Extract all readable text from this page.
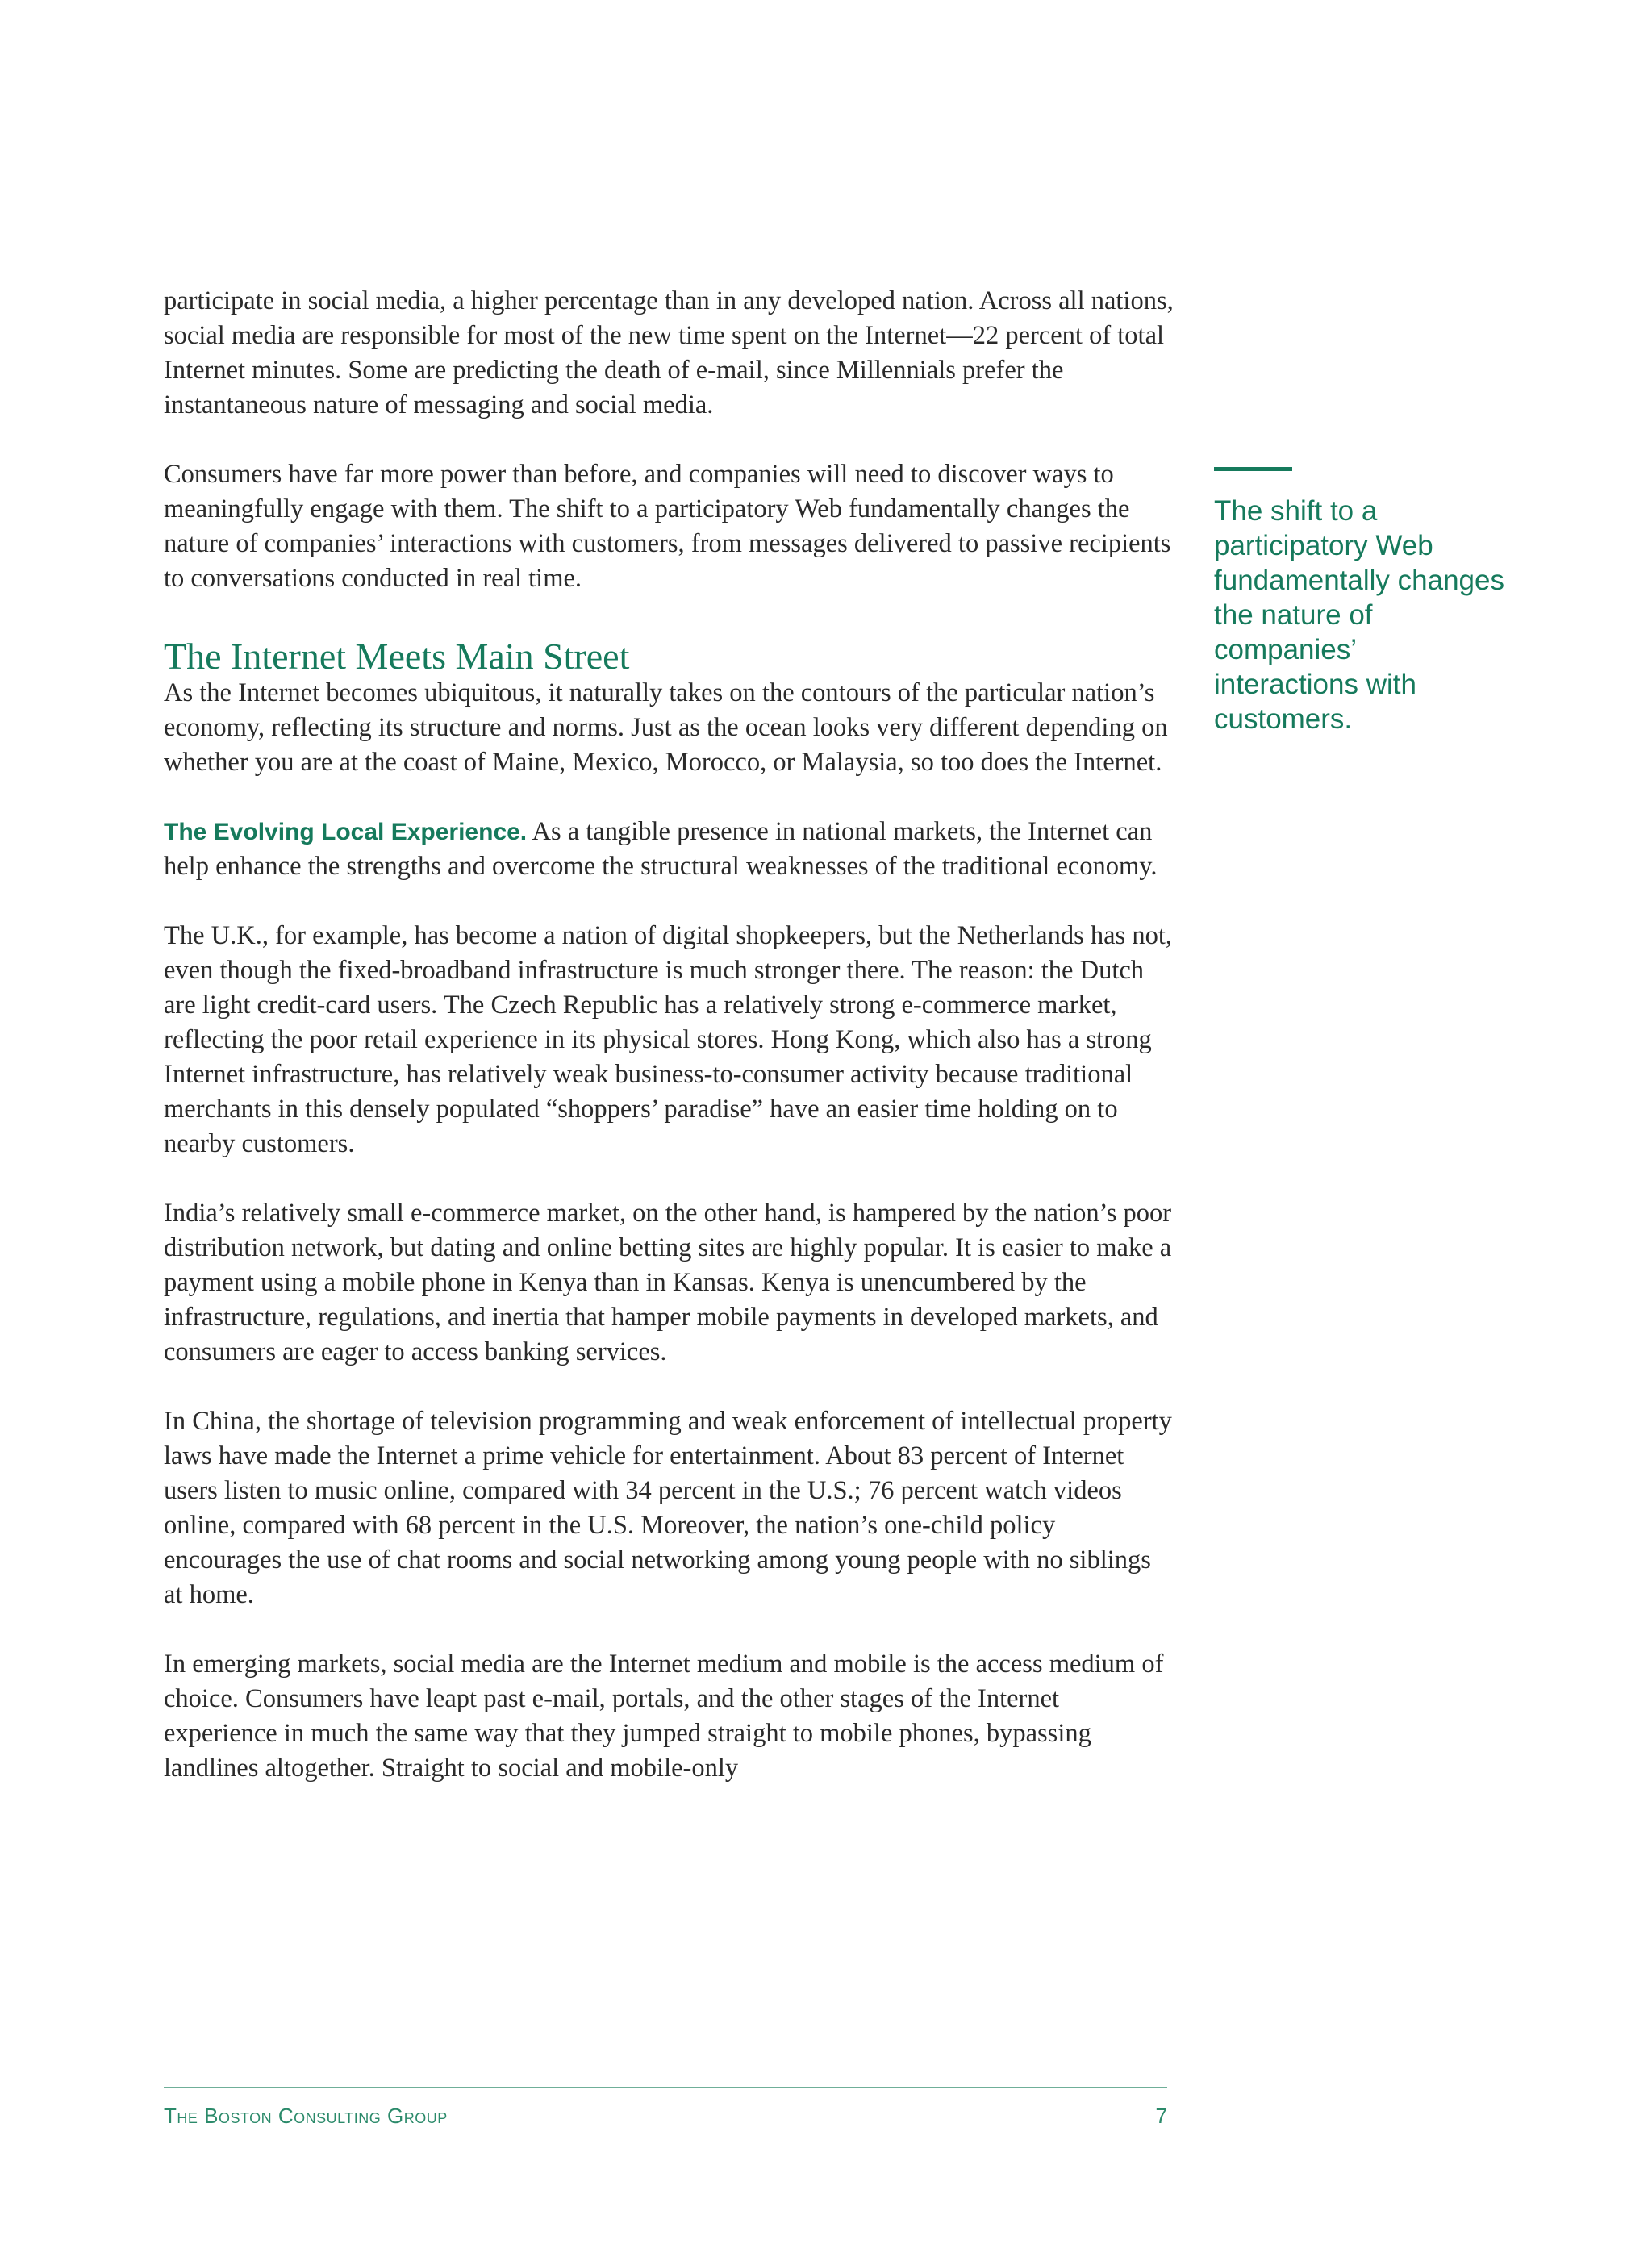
participate in social media, a higher percentage than in any developed nation. Across all nations, social media are responsible for most of the new time spent on the Internet—22 percent of total Internet minutes. Some are predicting the death of e-mail, since Millennials prefer the instantaneous nature of messaging and social media.

Consumers have far more power than before, and companies will need to discover ways to meaningfully engage with them. The shift to a participatory Web fundamentally changes the nature of companies’ interactions with customers, from messages delivered to passive recipients to conversations conducted in real time.

The Internet Meets Main Street

As the Internet becomes ubiquitous, it naturally takes on the contours of the particular nation’s economy, reflecting its structure and norms. Just as the ocean looks very different depending on whether you are at the coast of Maine, Mexico, Morocco, or Malaysia, so too does the Internet.

The Evolving Local Experience. As a tangible presence in national markets, the Internet can help enhance the strengths and overcome the structural weaknesses of the traditional economy.

The U.K., for example, has become a nation of digital shopkeepers, but the Netherlands has not, even though the fixed-broadband infrastructure is much stronger there. The reason: the Dutch are light credit-card users. The Czech Republic has a relatively strong e-commerce market, reflecting the poor retail experience in its physical stores. Hong Kong, which also has a strong Internet infrastructure, has relatively weak business-to-consumer activity because traditional merchants in this densely populated “shoppers’ paradise” have an easier time holding on to nearby customers.

India’s relatively small e-commerce market, on the other hand, is hampered by the nation’s poor distribution network, but dating and online betting sites are highly popular. It is easier to make a payment using a mobile phone in Kenya than in Kansas. Kenya is unencumbered by the infrastructure, regulations, and inertia that hamper mobile payments in developed markets, and consumers are eager to access banking services.

In China, the shortage of television programming and weak enforcement of intellectual property laws have made the Internet a prime vehicle for entertainment. About 83 percent of Internet users listen to music online, compared with 34 percent in the U.S.; 76 percent watch videos online, compared with 68 percent in the U.S. Moreover, the nation’s one-child policy encourages the use of chat rooms and social networking among young people with no siblings at home.

In emerging markets, social media are the Internet medium and mobile is the access medium of choice. Consumers have leapt past e-mail, portals, and the other stages of the Internet experience in much the same way that they jumped straight to mobile phones, bypassing landlines altogether. Straight to social and mobile-only

The shift to a participatory Web fundamentally changes the nature of companies’ interactions with customers.

The Boston Consulting Group	7
